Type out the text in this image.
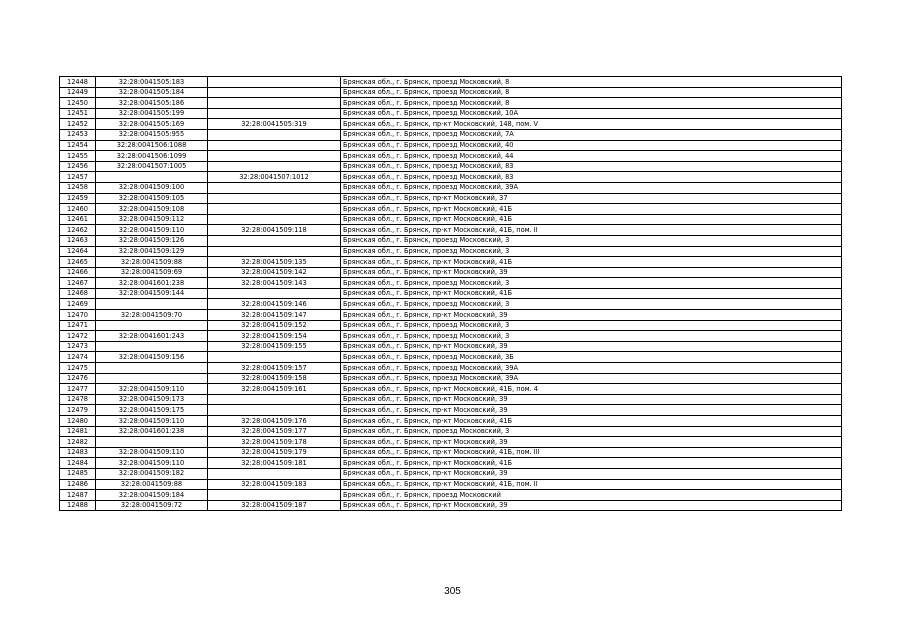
12448	32:28:0041505:183		Брянская обл., г. Брянск, проезд Московский, 8
12449	32:28:0041505:184		Брянская обл., г. Брянск, проезд Московский, 8
12450	32:28:0041505:186		Брянская обл., г. Брянск, проезд Московский, 8
12451	32:28:0041505:199		Брянская обл., г. Брянск, проезд Московский, 10А
12452	32:28:0041505:169	32:28:0041505:319	Брянская обл., г. Брянск, пр-кт Московский, 148, пом. V
12453	32:28:0041505:955		Брянская обл., г. Брянск, проезд Московский, 7А
12454	32:28:0041506:1088		Брянская обл., г. Брянск, проезд Московский, 40
12455	32:28:0041506:1099		Брянская обл., г. Брянск, проезд Московский, 44
12456	32:28:0041507:1005		Брянская обл., г. Брянск, проезд Московский, 83
12457		32:28:0041507:1012	Брянская обл., г. Брянск, проезд Московский, 83
12458	32:28:0041509:100		Брянская обл., г. Брянск, проезд Московский, 39А
12459	32:28:0041509:105		Брянская обл., г. Брянск, пр-кт Московский, 37
12460	32:28:0041509:108		Брянская обл., г. Брянск, пр-кт Московский, 41Б
12461	32:28:0041509:112		Брянская обл., г. Брянск, пр-кт Московский, 41Б
12462	32:28:0041509:110	32:28:0041509:118	Брянская обл., г. Брянск, пр-кт Московский, 41Б, пом. II
12463	32:28:0041509:126		Брянская обл., г. Брянск, проезд Московский, 3
12464	32:28:0041509:129		Брянская обл., г. Брянск, проезд Московский, 3
12465	32:28:0041509:88	32:28:0041509:135	Брянская обл., г. Брянск, пр-кт Московский, 41Б
12466	32:28:0041509:69	32:28:0041509:142	Брянская обл., г. Брянск, пр-кт Московский, 39
12467	32:28:0041601:238	32:28:0041509:143	Брянская обл., г. Брянск, проезд Московский, 3
12468	32:28:0041509:144		Брянская обл., г. Брянск, пр-кт Московский, 41Б
12469		32:28:0041509:146	Брянская обл., г. Брянск, проезд Московский, 3
12470	32:28:0041509:70	32:28:0041509:147	Брянская обл., г. Брянск, пр-кт Московский, 39
12471		32:28:0041509:152	Брянская обл., г. Брянск, проезд Московский, 3
12472	32:28:0041601:243	32:28:0041509:154	Брянская обл., г. Брянск, проезд Московский, 3
12473		32:28:0041509:155	Брянская обл., г. Брянск, пр-кт Московский, 39
12474	32:28:0041509:156		Брянская обл., г. Брянск, проезд Московский, 3Б
12475		32:28:0041509:157	Брянская обл., г. Брянск, проезд Московский, 39А
12476		32:28:0041509:158	Брянская обл., г. Брянск, проезд Московский, 39А
12477	32:28:0041509:110	32:28:0041509:161	Брянская обл., г. Брянск, пр-кт Московский, 41Б, пом. 4
12478	32:28:0041509:173		Брянская обл., г. Брянск, пр-кт Московский, 39
12479	32:28:0041509:175		Брянская обл., г. Брянск, пр-кт Московский, 39
12480	32:28:0041509:110	32:28:0041509:176	Брянская обл., г. Брянск, пр-кт Московский, 41Б
12481	32:28:0041601:238	32:28:0041509:177	Брянская обл., г. Брянск, проезд Московский, 3
12482		32:28:0041509:178	Брянская обл., г. Брянск, пр-кт Московский, 39
12483	32:28:0041509:110	32:28:0041509:179	Брянская обл., г. Брянск, пр-кт Московский, 41Б, пом. III
12484	32:28:0041509:110	32:28:0041509:181	Брянская обл., г. Брянск, пр-кт Московский, 41Б
12485	32:28:0041509:182		Брянская обл., г. Брянск, пр-кт Московский, 39
12486	32:28:0041509:88	32:28:0041509:183	Брянская обл., г. Брянск, пр-кт Московский, 41Б, пом. II
12487	32:28:0041509:184		Брянская обл., г. Брянск, проезд Московский
12488	32:28:0041509:72	32:28:0041509:187	Брянская обл., г. Брянск, пр-кт Московский, 39
305
